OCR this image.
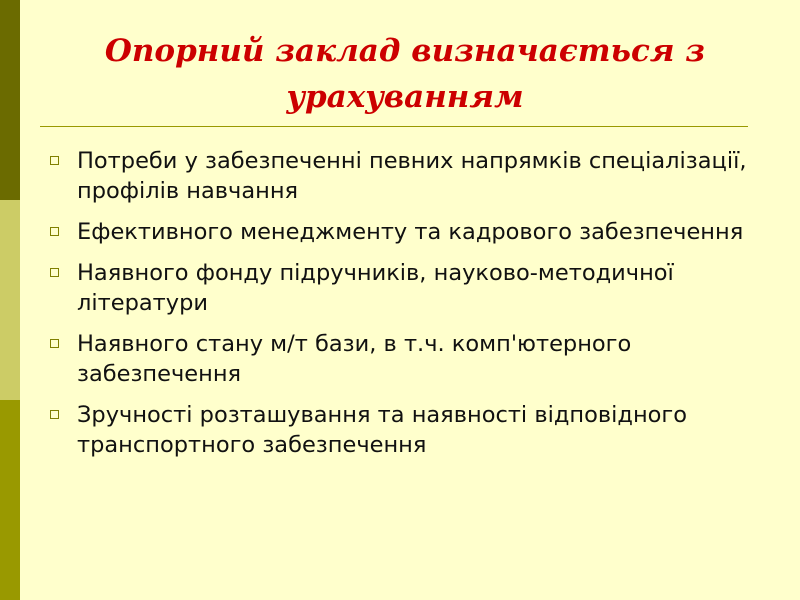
Опорний заклад визначається з урахуванням
Потреби у забезпеченні певних напрямків спеціалізації, профілів навчання
Ефективного менеджменту та кадрового забезпечення
Наявного фонду підручників, науково-методичної літератури
Наявного стану м/т бази, в т.ч. комп'ютерного забезпечення
Зручності розташування та наявності відповідного транспортного забезпечення
